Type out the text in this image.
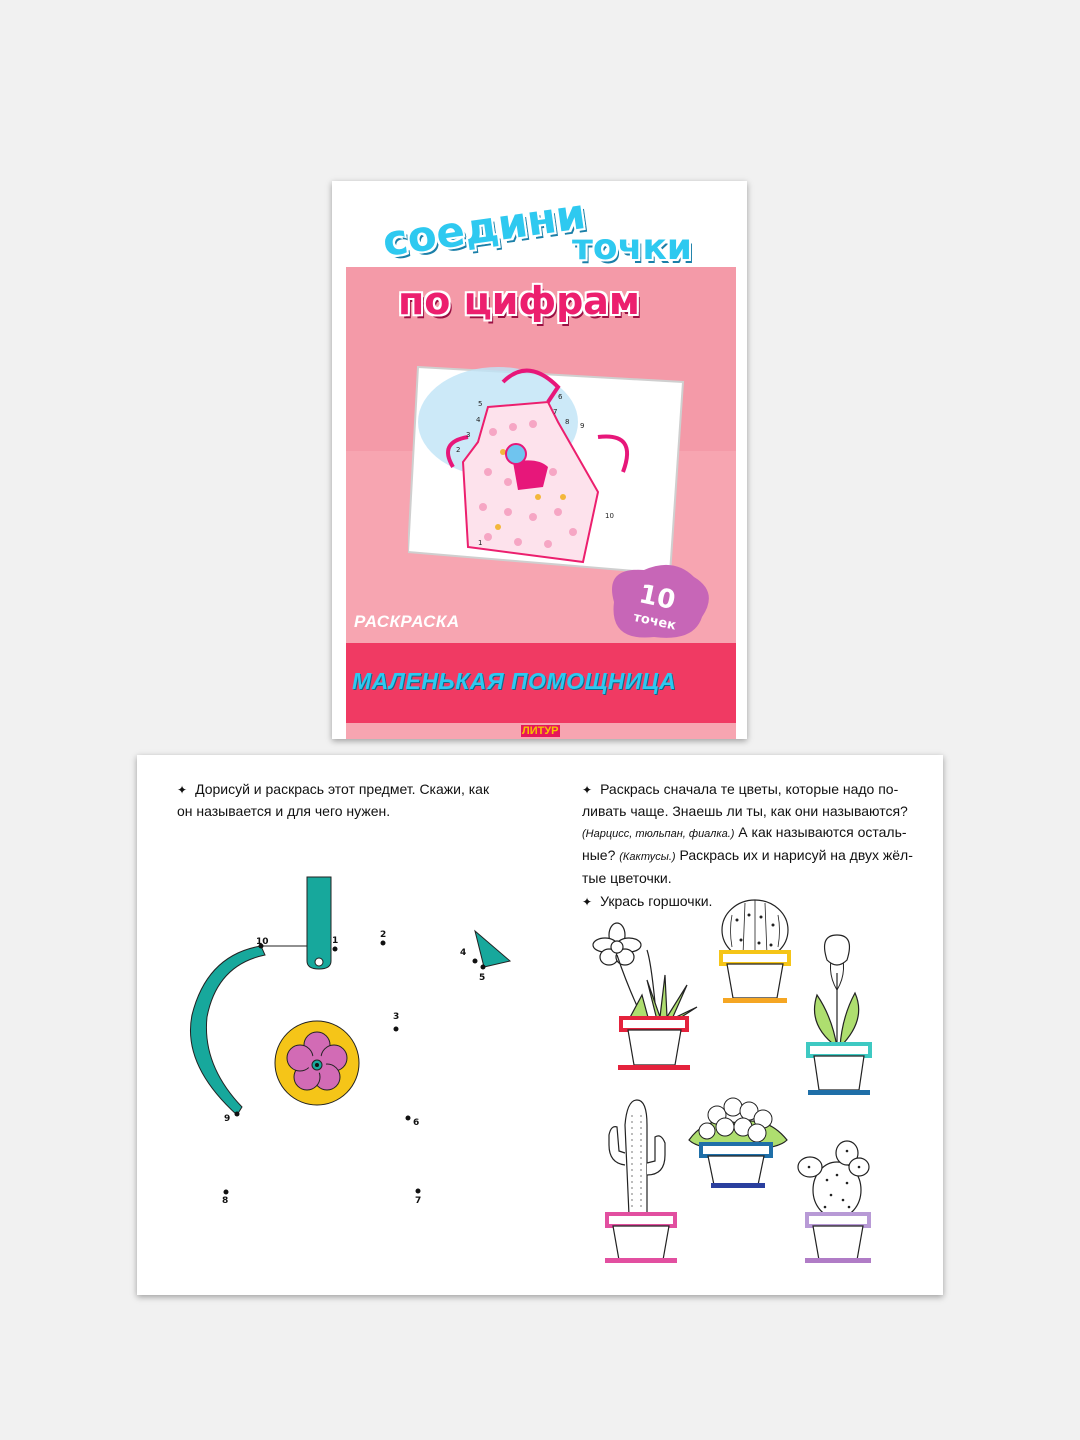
соедини
точки
по цифрам
1
2
3
4
5
6
7
8 9
10
10
точек
РАСКРАСКА
МАЛЕНЬКАЯ ПОМОЩНИЦА
ЛИТУР
✦ Дорисуй и раскрась этот предмет. Скажи, как
он называется и для чего нужен.
✦ Раскрась сначала те цветы, которые надо по-
ливать чаще. Знаешь ли ты, как они называются?
(Нарцисс, тюльпан, фиалка.) А как называются осталь-
ные? (Кактусы.) Раскрась их и нарисуй на двух жёл-
тые цветочки.
✦ Укрась горшочки.
1
2
3
4
5
6
7
8
9
10
